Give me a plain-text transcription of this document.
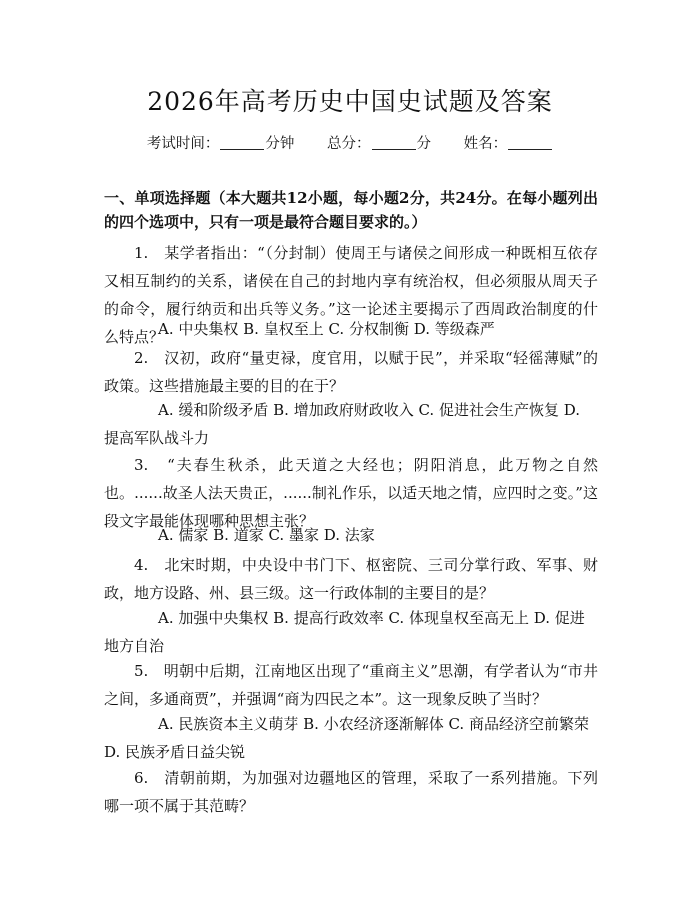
2026年高考历史中国史试题及答案
考试时间：	分钟 总分：	分 姓名：
一、单项选择题（本大题共12小题，每小题2分，共24分。在每小题列出的四个选项中，只有一项是最符合题目要求的。）

1.　某学者指出：“（分封制）使周王与诸侯之间形成一种既相互依存又相互制约的关系，诸侯在自己的封地内享有统治权，但必须服从周天子的命令，履行纳贡和出兵等义务。”这一论述主要揭示了西周政治制度的什么特点？

A. 中央集权 B. 皇权至上 C. 分权制衡 D. 等级森严

2.　汉初，政府“量吏禄，度官用，以赋于民”，并采取“轻徭薄赋”的政策。这些措施最主要的目的在于？

A. 缓和阶级矛盾 B. 增加政府财政收入 C. 促进社会生产恢复 D. 提高军队战斗力

3.　“夫春生秋杀，此天道之大经也；阴阳消息，此万物之自然也。......故圣人法天贵正，......制礼作乐，以适天地之情，应四时之变。”这段文字最能体现哪种思想主张？

A. 儒家 B. 道家 C. 墨家 D. 法家

4.　北宋时期，中央设中书门下、枢密院、三司分掌行政、军事、财政，地方设路、州、县三级。这一行政体制的主要目的是？

A. 加强中央集权 B. 提高行政效率 C. 体现皇权至高无上 D. 促进地方自治

5.　明朝中后期，江南地区出现了“重商主义”思潮，有学者认为“市井之间，多通商贾”，并强调“商为四民之本”。这一现象反映了当时？

A. 民族资本主义萌芽 B. 小农经济逐渐解体 C. 商品经济空前繁荣 D. 民族矛盾日益尖锐

6.　清朝前期，为加强对边疆地区的管理，采取了一系列措施。下列哪一项不属于其范畴？
